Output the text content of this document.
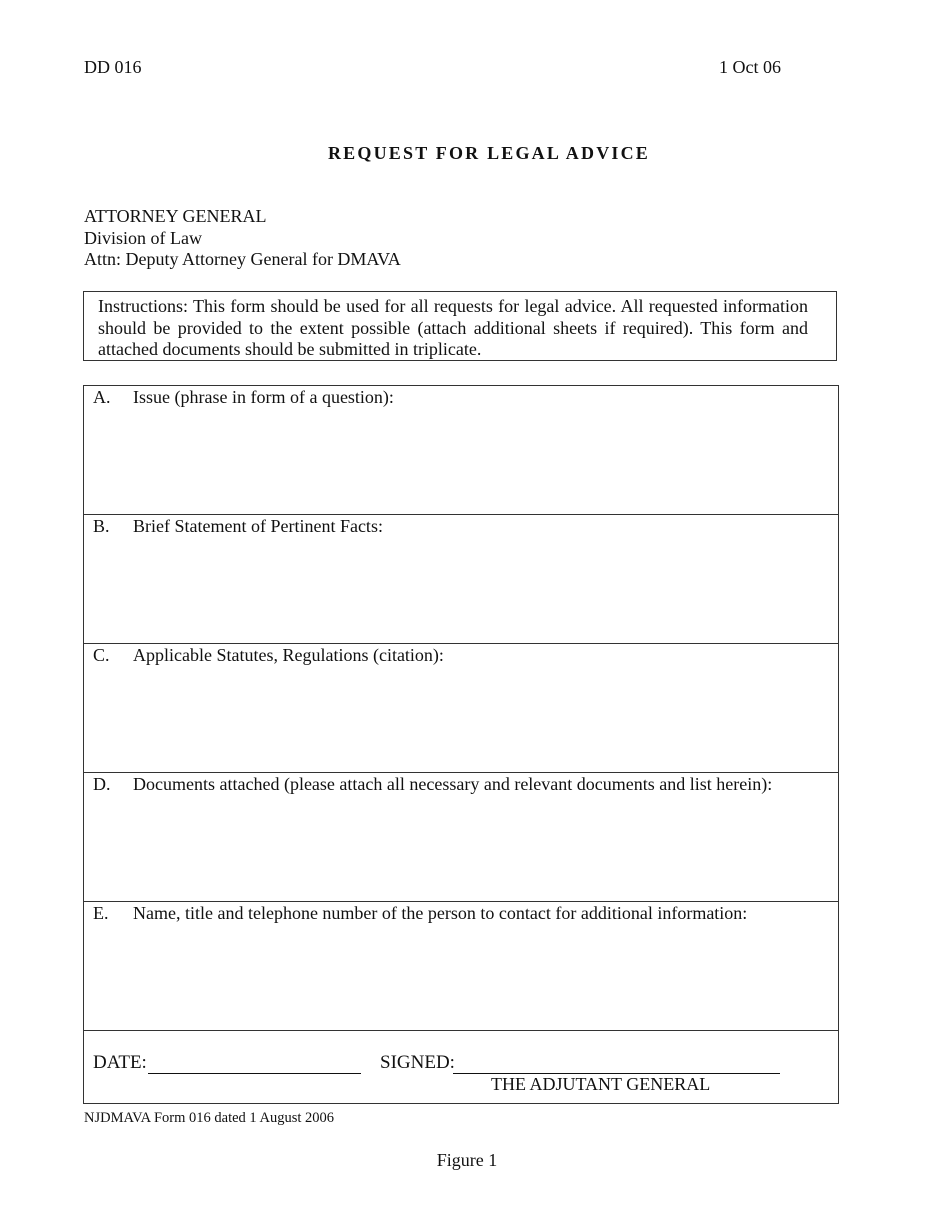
DD 016	1 Oct 06
REQUEST FOR LEGAL ADVICE
ATTORNEY GENERAL
Division of Law
Attn: Deputy Attorney General for DMAVA
Instructions: This form should be used for all requests for legal advice. All requested information should be provided to the extent possible (attach additional sheets if required). This form and attached documents should be submitted in triplicate.
A. Issue (phrase in form of a question):
B. Brief Statement of Pertinent Facts:
C. Applicable Statutes, Regulations (citation):
D. Documents attached (please attach all necessary and relevant documents and list herein):
E. Name, title and telephone number of the person to contact for additional information:
DATE:	SIGNED:
THE ADJUTANT GENERAL
NJDMAVA Form 016 dated 1 August 2006
Figure 1
